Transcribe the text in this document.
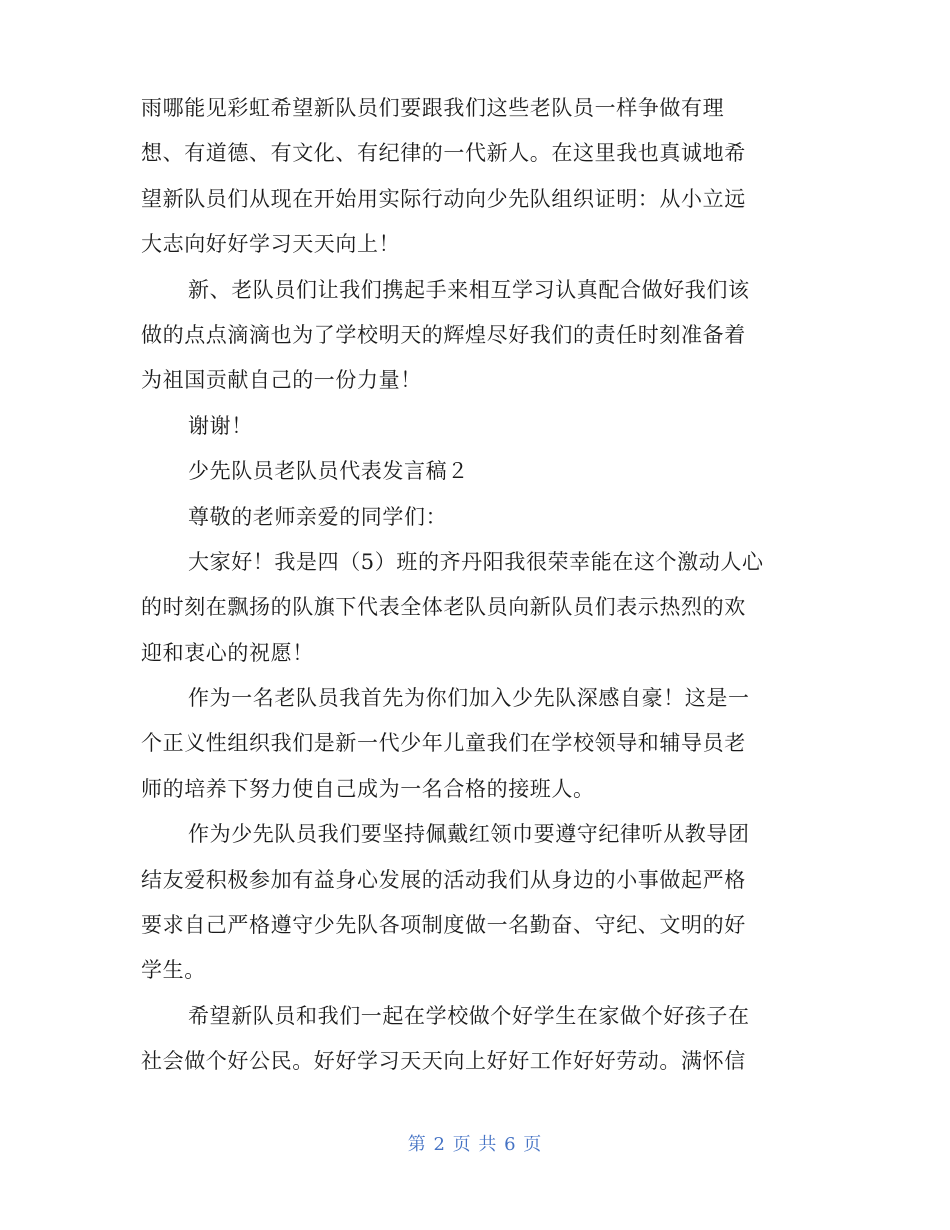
雨哪能见彩虹希望新队员们要跟我们这些老队员一样争做有理
想、有道德、有文化、有纪律的一代新人。在这里我也真诚地希
望新队员们从现在开始用实际行动向少先队组织证明：从小立远
大志向好好学习天天向上！
新、老队员们让我们携起手来相互学习认真配合做好我们该
做的点点滴滴也为了学校明天的辉煌尽好我们的责任时刻准备着
为祖国贡献自己的一份力量！
谢谢！
少先队员老队员代表发言稿２
尊敬的老师亲爱的同学们：
大家好！我是四（5）班的齐丹阳我很荣幸能在这个激动人心
的时刻在飘扬的队旗下代表全体老队员向新队员们表示热烈的欢
迎和衷心的祝愿！
作为一名老队员我首先为你们加入少先队深感自豪！这是一
个正义性组织我们是新一代少年儿童我们在学校领导和辅导员老
师的培养下努力使自己成为一名合格的接班人。
作为少先队员我们要坚持佩戴红领巾要遵守纪律听从教导团
结友爱积极参加有益身心发展的活动我们从身边的小事做起严格
要求自己严格遵守少先队各项制度做一名勤奋、守纪、文明的好
学生。
希望新队员和我们一起在学校做个好学生在家做个好孩子在
社会做个好公民。好好学习天天向上好好工作好好劳动。满怀信
第 2 页 共 6 页
